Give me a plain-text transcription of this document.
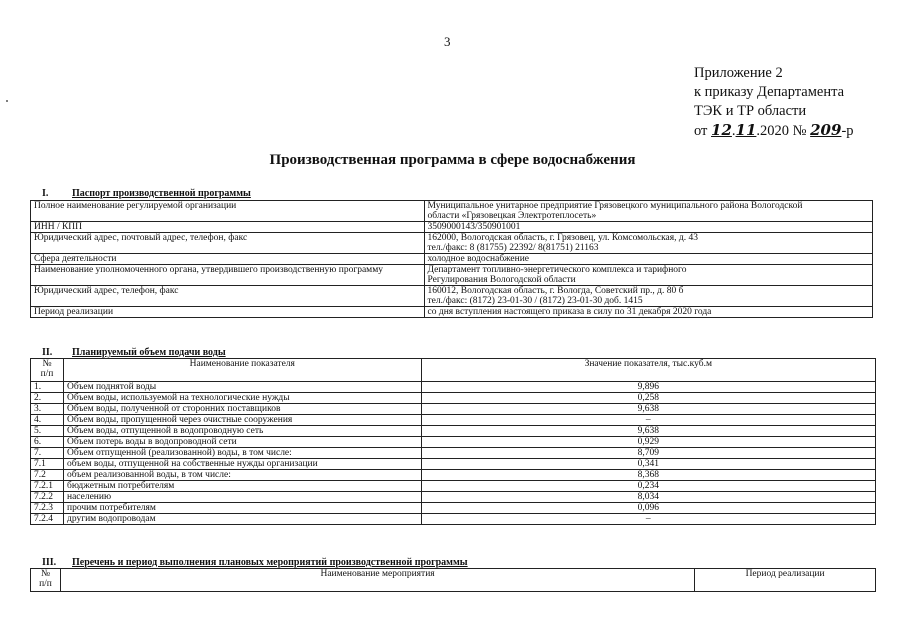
3
Приложение 2
к приказу Департамента
ТЭК и ТР области
от 12.11.2020 № 209-р
Производственная программа в сфере водоснабжения
I. Паспорт производственной программы
Полное наименование регулируемой организации	Муниципальное унитарное предприятие Грязовецкого муниципального района Вологодской
области «Грязовецкая Электротеплосеть»

ИНН / КПП	3509000143/350901001

Юридический адрес, почтовый адрес, телефон, факс	162000, Вологодская область, г. Грязовец, ул. Комсомольская, д. 43
тел./факс: 8 (81755) 22392/ 8(81751) 21163

Сфера деятельности	холодное водоснабжение

Наименование уполномоченного органа, утвердившего производственную программу	Департамент топливно-энергетического комплекса и тарифного
Регулирования Вологодской области

Юридический адрес, телефон, факс	160012, Вологодская область, г. Вологда, Советский пр., д. 80 б
тел./факс: (8172) 23-01-30 / (8172) 23-01-30 доб. 1415

Период реализации	со дня вступления настоящего приказа в силу по 31 декабря 2020 года
II. Планируемый объем подачи воды
№
п/п	Наименование показателя	Значение показателя, тыс.куб.м
1.	Объем поднятой воды	9,896
2.	Объем воды, используемой на технологические нужды	0,258
3.	Объем воды, полученной от сторонних поставщиков	9,638
4.	Объем воды, пропущенной через очистные сооружения	–
5.	Объем воды, отпущенной в водопроводную сеть	9,638
6.	Объем потерь воды в водопроводной сети	0,929
7.	Объем отпущенной (реализованной) воды, в том числе:	8,709
7.1	объем воды, отпущенной на собственные нужды организации	0,341
7.2	объем реализованной воды, в том числе:	8,368
7.2.1	бюджетным потребителям	0,234
7.2.2	населению	8,034
7.2.3	прочим потребителям	0,096
7.2.4	другим водопроводам	–
III. Перечень и период выполнения плановых мероприятий производственной программы
№
п/п
	Наименование мероприятия	Период реализации
